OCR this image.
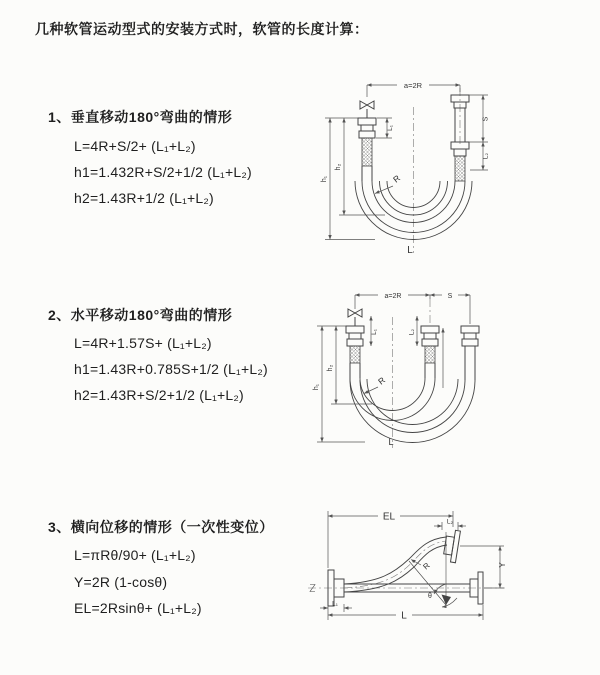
几种软管运动型式的安装方式时，软管的长度计算：
1、垂直移动180°弯曲的情形
L=4R+S/2+ (L₁+L₂)
h1=1.432R+S/2+1/2 (L₁+L₂)
h2=1.43R+1/2 (L₁+L₂)
2、水平移动180°弯曲的情形
L=4R+1.57S+ (L₁+L₂)
h1=1.43R+0.785S+1/2 (L₁+L₂)
h2=1.43R+S/2+1/2 (L₁+L₂)
3、横向位移的情形（一次性变位）
L=πRθ/90+ (L₁+L₂)
Y=2R (1-cosθ)
EL=2Rsinθ+ (L₁+L₂)
a=2R
h₁
h₂
L₁
S
L₂
R
L
a=2R	S
h₁
h₂
L₁	L₂
R
L
EL	L₂
Y
L
L₁
R
θ
